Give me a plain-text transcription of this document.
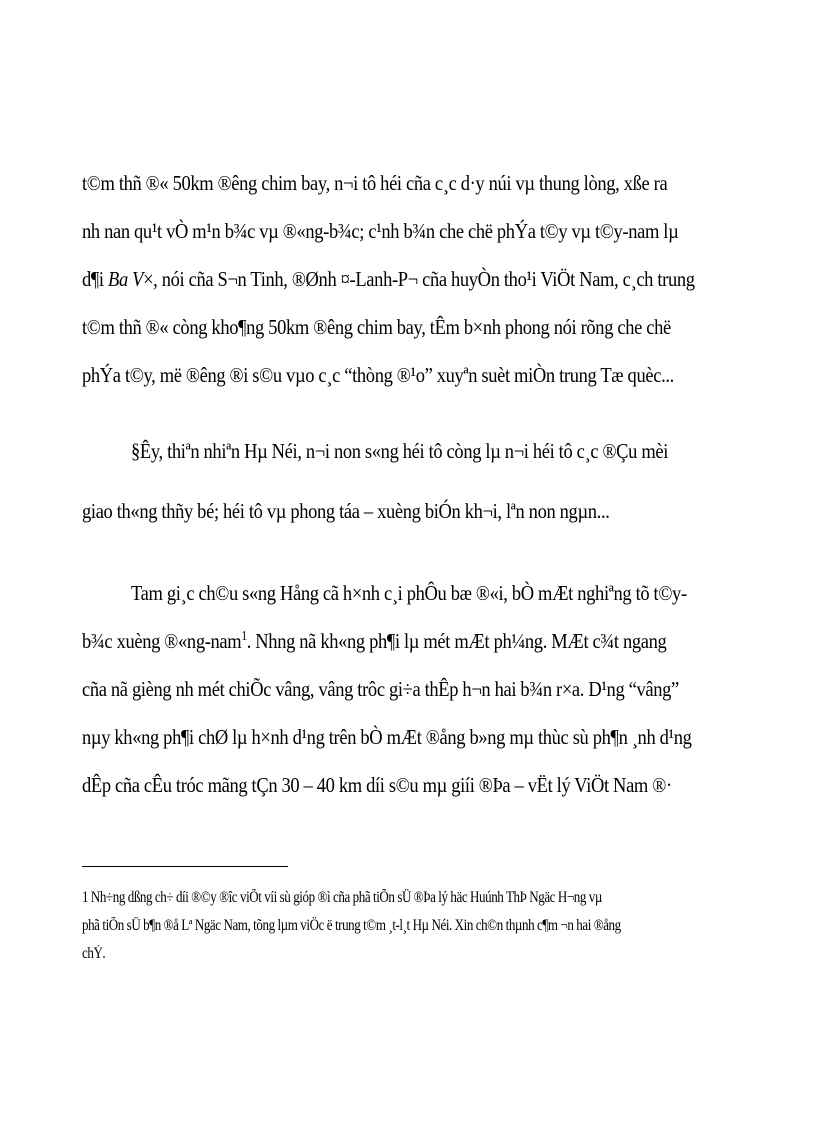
t©m thñ ®« 50km ®êng chim bay, n¬i tô héi cña c¸c d·y núi vµ thung lòng, xße ra
nh nan qu¹t vÒ m¹n b¾c vµ ®«ng-b¾c; c¹nh b¾n che chë phÝa t©y vµ t©y-nam lµ
d¶i Ba V×, nói cña S¬n Tinh, ®Ønh ¤-Lanh-P¬ cña huyÒn tho¹i ViÖt Nam, c¸ch trung
t©m thñ ®« còng kho¶ng 50km ®êng chim bay, tÊm b×nh phong nói rõng che chë
phÝa t©y, më ®êng ®i s©u vµo c¸c “thòng ®¹o” xuyªn suèt miÒn trung Tæ quèc...
§Êy, thiªn nhiªn Hµ Néi, n¬i non s«ng héi tô còng lµ n¬i héi tô c¸c ®Çu mèi
giao th«ng thñy bé; héi tô vµ phong táa – xuèng biÓn kh¬i, lªn non ngµn...
Tam gi¸c ch©u s«ng Hång cã h×nh c¸i phÔu bæ ®«i, bÒ mÆt nghiªng tõ t©y-
b¾c xuèng ®«ng-nam$^1$. Nhng nã kh«ng ph¶i lµ mét mÆt ph¼ng. MÆt c¾t ngang
cña nã gièng nh mét chiÕc vâng, vâng trôc gi÷a thÊp h¬n hai b¾n r×a. D¹ng “vâng”
nµy kh«ng ph¶i chØ lµ h×nh d¹ng trên bÒ mÆt ®ång b»ng mµ thùc sù ph¶n ¸nh d¹ng
dÊp cña cÊu tróc mãng tÇn 30 – 40 km díi s©u mµ giíi ®Þa – vËt lý ViÖt Nam ®·
1 Nh÷ng dßng ch÷ díi ®©y ®îc viÕt víi sù gióp ®ì cña phã tiÕn sÜ ®Þa lý häc Huúnh ThÞ Ngäc H¬ng vµ
phã tiÕn sÜ b¶n ®å Lª Ngäc Nam, tõng lµm viÖc ë trung t©m ¸t-l¸t Hµ Néi. Xin ch©n thµnh c¶m ¬n hai ®ång
chÝ.
